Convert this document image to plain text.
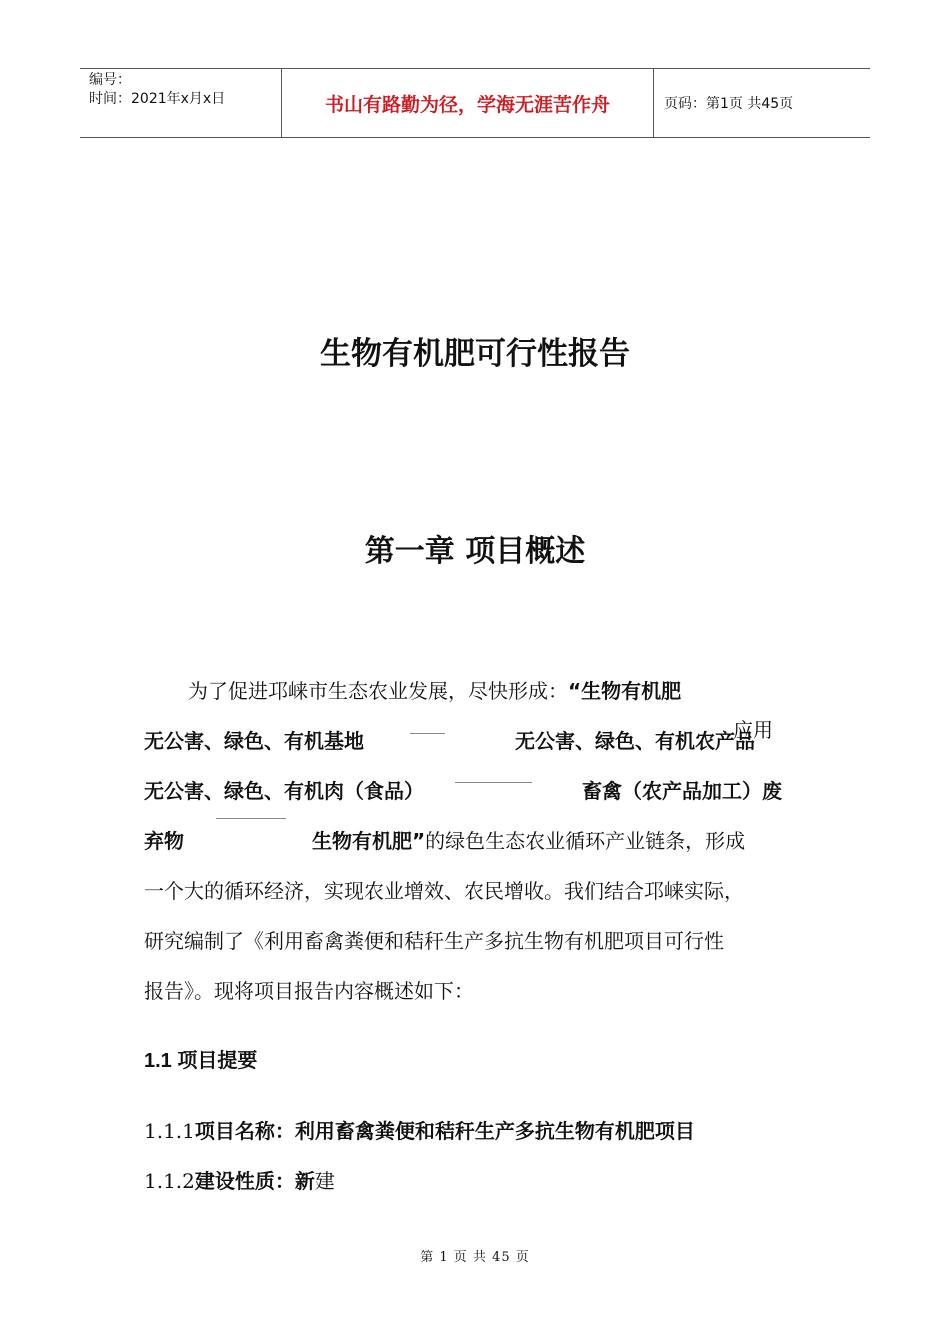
编号：
时间：2021年x月x日	书山有路勤为径，学海无涯苦作舟	页码：第1页 共45页
生物有机肥可行性报告
第一章 项目概述
为了促进邛崃市生态农业发展，尽快形成：“生物有机肥
无公害、绿色、有机基地	无公害、绿色、有机农产品
应用
无公害、绿色、有机肉（食品）	畜禽（农产品加工）废
弃物	生物有机肥”的绿色生态农业循环产业链条，形成
一个大的循环经济，实现农业增效、农民增收。我们结合邛崃实际，
研究编制了《利用畜禽粪便和秸秆生产多抗生物有机肥项目可行性
报告》。现将项目报告内容概述如下：
1.1 项目提要
1.1.1项目名称：利用畜禽粪便和秸秆生产多抗生物有机肥项目
1.1.2建设性质：新建
第 1 页 共 45 页
